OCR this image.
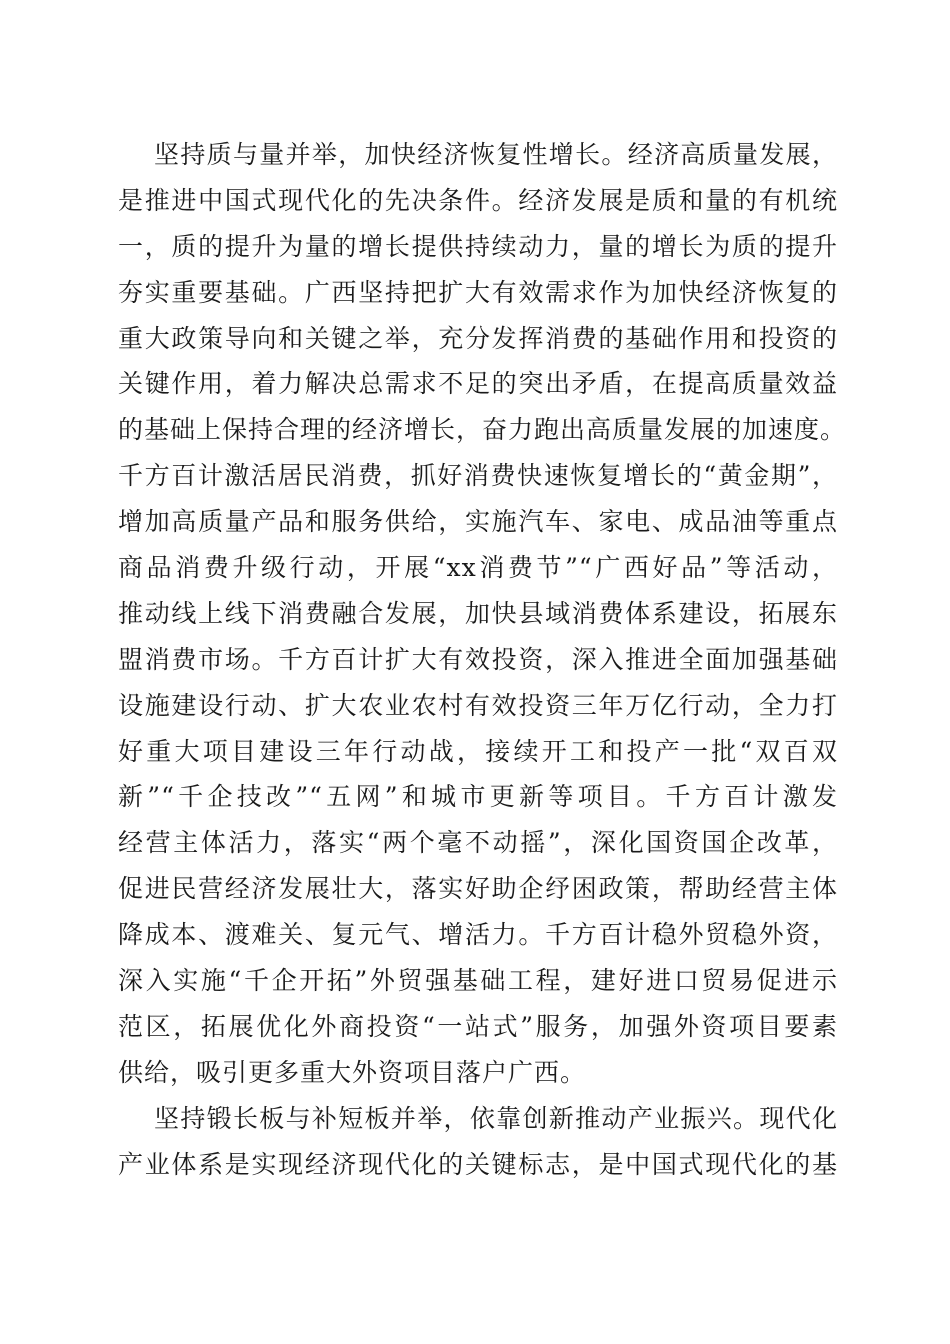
坚持质与量并举，加快经济恢复性增长。经济高质量发展，
是推进中国式现代化的先决条件。经济发展是质和量的有机统
一，质的提升为量的增长提供持续动力，量的增长为质的提升
夯实重要基础。广西坚持把扩大有效需求作为加快经济恢复的
重大政策导向和关键之举，充分发挥消费的基础作用和投资的
关键作用，着力解决总需求不足的突出矛盾，在提高质量效益
的基础上保持合理的经济增长，奋力跑出高质量发展的加速度。
千方百计激活居民消费，抓好消费快速恢复增长的“黄金期”，
增加高质量产品和服务供给，实施汽车、家电、成品油等重点
商品消费升级行动，开展“xx消费节”“广西好品”等活动，
推动线上线下消费融合发展，加快县域消费体系建设，拓展东
盟消费市场。千方百计扩大有效投资，深入推进全面加强基础
设施建设行动、扩大农业农村有效投资三年万亿行动，全力打
好重大项目建设三年行动战，接续开工和投产一批“双百双
新”“千企技改”“五网”和城市更新等项目。千方百计激发
经营主体活力，落实“两个毫不动摇”，深化国资国企改革，
促进民营经济发展壮大，落实好助企纾困政策，帮助经营主体
降成本、渡难关、复元气、增活力。千方百计稳外贸稳外资，
深入实施“千企开拓”外贸强基础工程，建好进口贸易促进示
范区，拓展优化外商投资“一站式”服务，加强外资项目要素
供给，吸引更多重大外资项目落户广西。
坚持锻长板与补短板并举，依靠创新推动产业振兴。现代化
产业体系是实现经济现代化的关键标志，是中国式现代化的基
